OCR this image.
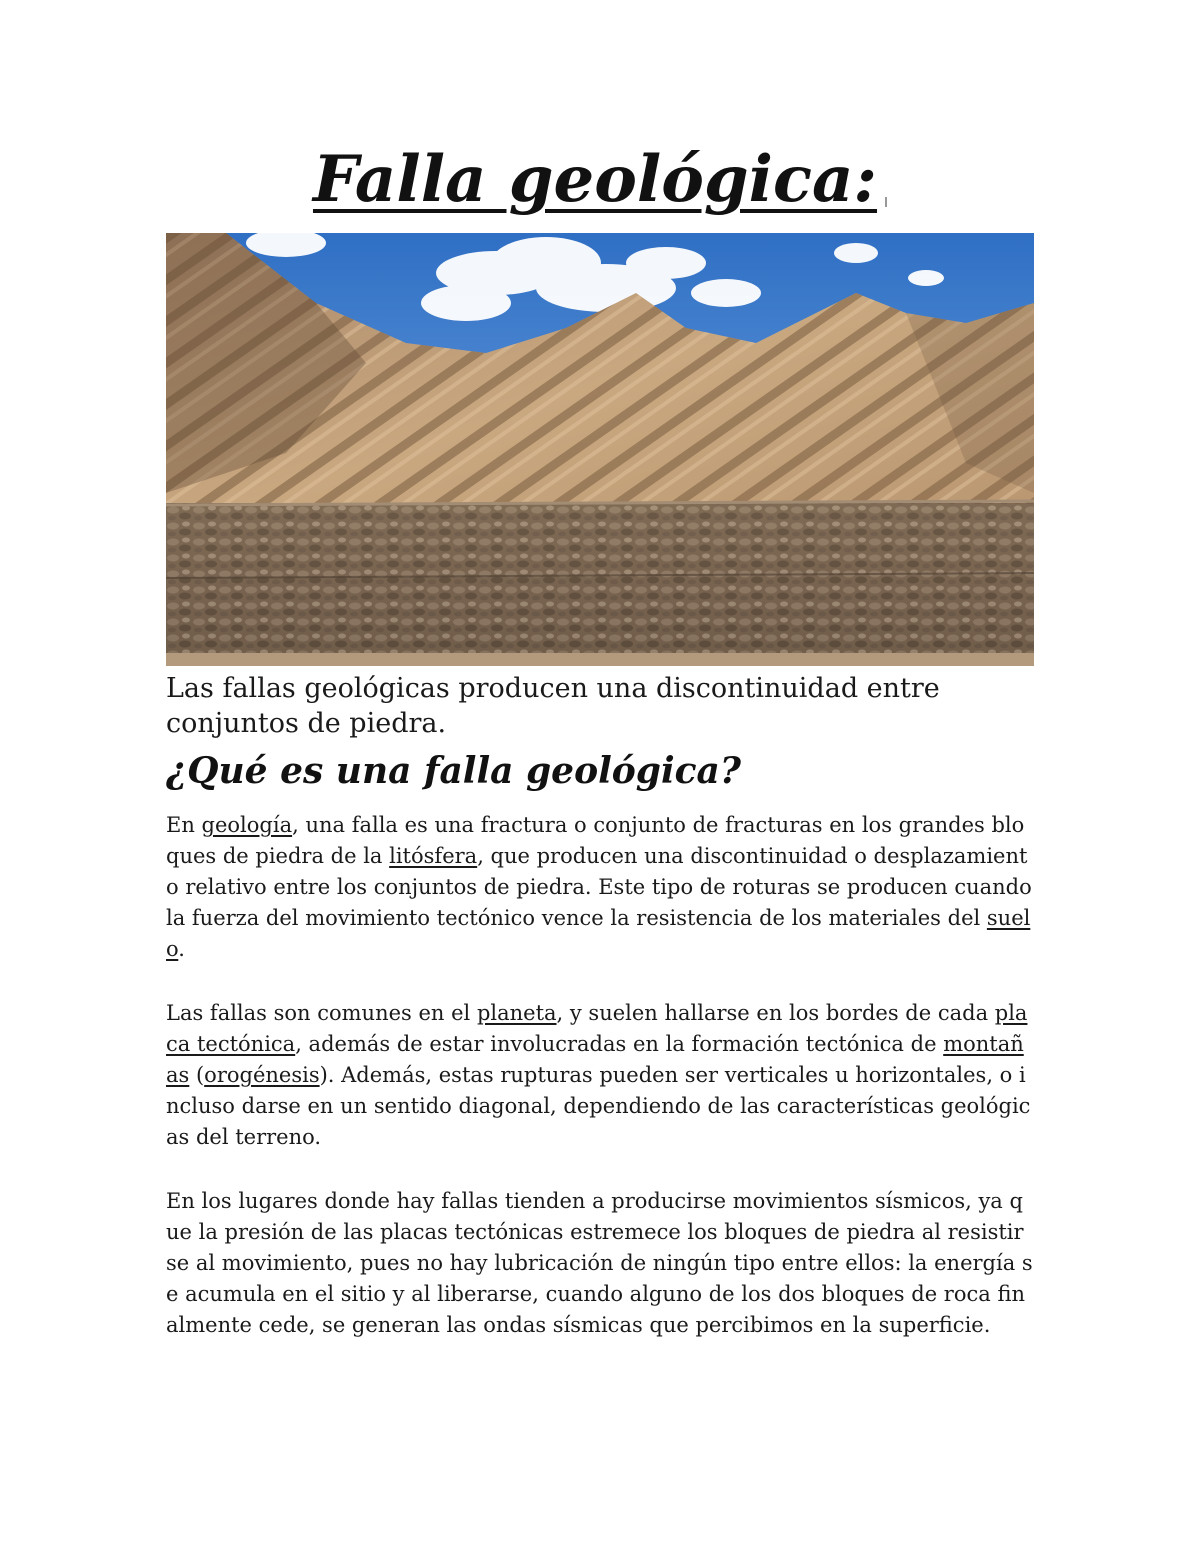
Falla geológica:

Las fallas geológicas producen una discontinuidad entre conjuntos de piedra.

¿Qué es una falla geológica?

En geología, una falla es una fractura o conjunto de fracturas en los grandes bloques de piedra de la litósfera, que producen una discontinuidad o desplazamiento relativo entre los conjuntos de piedra. Este tipo de roturas se producen cuando la fuerza del movimiento tectónico vence la resistencia de los materiales del suelo.

Las fallas son comunes en el planeta, y suelen hallarse en los bordes de cada placa tectónica, además de estar involucradas en la formación tectónica de montañas (orogénesis). Además, estas rupturas pueden ser verticales u horizontales, o incluso darse en un sentido diagonal, dependiendo de las características geológicas del terreno.

En los lugares donde hay fallas tienden a producirse movimientos sísmicos, ya que la presión de las placas tectónicas estremece los bloques de piedra al resistirse al movimiento, pues no hay lubricación de ningún tipo entre ellos: la energía se acumula en el sitio y al liberarse, cuando alguno de los dos bloques de roca finalmente cede, se generan las ondas sísmicas que percibimos en la superficie.
